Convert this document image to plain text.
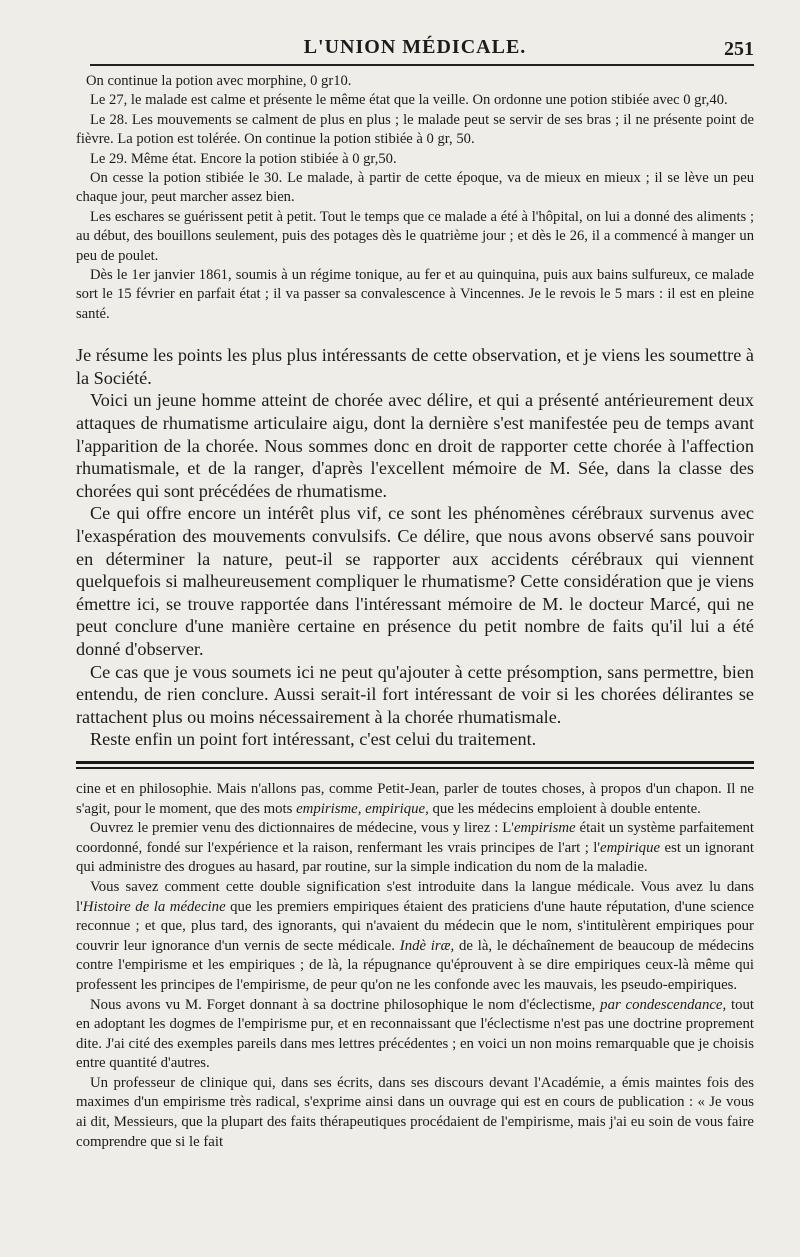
L'UNION MÉDICALE.	251

On continue la potion avec morphine, 0 gr10.

Le 27, le malade est calme et présente le même état que la veille. On ordonne une potion stibiée avec 0 gr,40.

Le 28. Les mouvements se calment de plus en plus ; le malade peut se servir de ses bras ; il ne présente point de fièvre. La potion est tolérée. On continue la potion stibiée à 0 gr, 50.

Le 29. Même état. Encore la potion stibiée à 0 gr,50.

On cesse la potion stibiée le 30. Le malade, à partir de cette époque, va de mieux en mieux ; il se lève un peu chaque jour, peut marcher assez bien.

Les eschares se guérissent petit à petit. Tout le temps que ce malade a été à l'hôpital, on lui a donné des aliments ; au début, des bouillons seulement, puis des potages dès le quatrième jour ; et dès le 26, il a commencé à manger un peu de poulet.

Dès le 1er janvier 1861, soumis à un régime tonique, au fer et au quinquina, puis aux bains sulfureux, ce malade sort le 15 février en parfait état ; il va passer sa convalescence à Vincennes. Je le revois le 5 mars : il est en pleine santé.

Je résume les points les plus plus intéressants de cette observation, et je viens les soumettre à la Société.

Voici un jeune homme atteint de chorée avec délire, et qui a présenté antérieurement deux attaques de rhumatisme articulaire aigu, dont la dernière s'est manifestée peu de temps avant l'apparition de la chorée. Nous sommes donc en droit de rapporter cette chorée à l'affection rhumatismale, et de la ranger, d'après l'excellent mémoire de M. Sée, dans la classe des chorées qui sont précédées de rhumatisme.

Ce qui offre encore un intérêt plus vif, ce sont les phénomènes cérébraux survenus avec l'exaspération des mouvements convulsifs. Ce délire, que nous avons observé sans pouvoir en déterminer la nature, peut-il se rapporter aux accidents cérébraux qui viennent quelquefois si malheureusement compliquer le rhumatisme? Cette considération que je viens émettre ici, se trouve rapportée dans l'intéressant mémoire de M. le docteur Marcé, qui ne peut conclure d'une manière certaine en présence du petit nombre de faits qu'il lui a été donné d'observer.

Ce cas que je vous soumets ici ne peut qu'ajouter à cette présomption, sans permettre, bien entendu, de rien conclure. Aussi serait-il fort intéressant de voir si les chorées délirantes se rattachent plus ou moins nécessairement à la chorée rhumatismale.

Reste enfin un point fort intéressant, c'est celui du traitement.

cine et en philosophie. Mais n'allons pas, comme Petit-Jean, parler de toutes choses, à propos d'un chapon. Il ne s'agit, pour le moment, que des mots empirisme, empirique, que les médecins emploient à double entente.

Ouvrez le premier venu des dictionnaires de médecine, vous y lirez : L'empirisme était un système parfaitement coordonné, fondé sur l'expérience et la raison, renfermant les vrais principes de l'art ; l'empirique est un ignorant qui administre des drogues au hasard, par routine, sur la simple indication du nom de la maladie.

Vous savez comment cette double signification s'est introduite dans la langue médicale. Vous avez lu dans l'Histoire de la médecine que les premiers empiriques étaient des praticiens d'une haute réputation, d'une science reconnue ; et que, plus tard, des ignorants, qui n'avaient du médecin que le nom, s'intitulèrent empiriques pour couvrir leur ignorance d'un vernis de secte médicale. Indè iræ, de là, le déchaînement de beaucoup de médecins contre l'empirisme et les empiriques ; de là, la répugnance qu'éprouvent à se dire empiriques ceux-là même qui professent les principes de l'empirisme, de peur qu'on ne les confonde avec les mauvais, les pseudo-empiriques.

Nous avons vu M. Forget donnant à sa doctrine philosophique le nom d'éclectisme, par condescendance, tout en adoptant les dogmes de l'empirisme pur, et en reconnaissant que l'éclectisme n'est pas une doctrine proprement dite. J'ai cité des exemples pareils dans mes lettres précédentes ; en voici un non moins remarquable que je choisis entre quantité d'autres.

Un professeur de clinique qui, dans ses écrits, dans ses discours devant l'Académie, a émis maintes fois des maximes d'un empirisme très radical, s'exprime ainsi dans un ouvrage qui est en cours de publication : « Je vous ai dit, Messieurs, que la plupart des faits thérapeutiques procédaient de l'empirisme, mais j'ai eu soin de vous faire comprendre que si le fait
